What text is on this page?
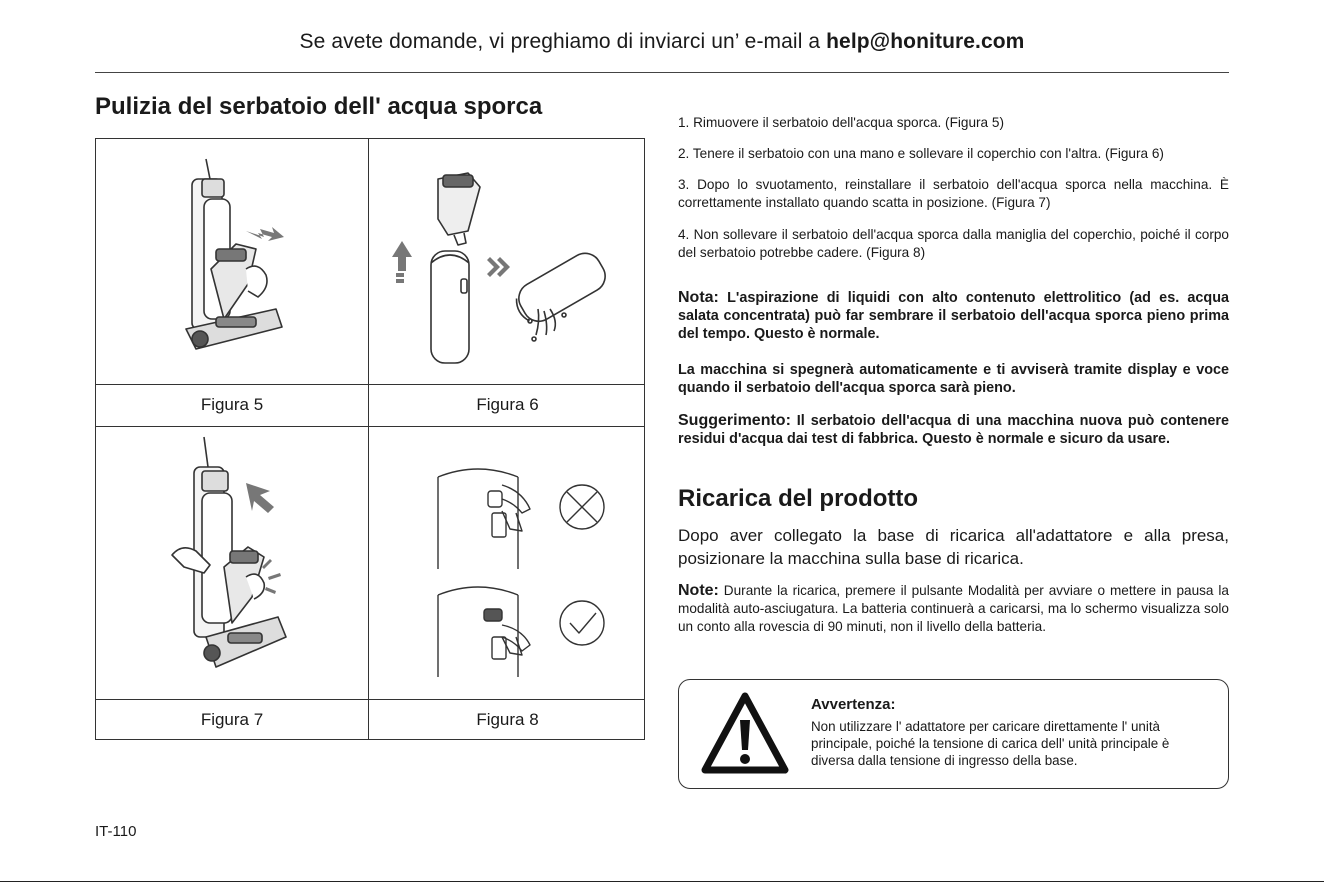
Se avete domande, vi preghiamo di inviarci un’ e-mail a help@honiture.com
Pulizia del serbatoio dell' acqua sporca
Figura 5	Figura 6
Figura 7	Figura 8
1. Rimuovere il serbatoio dell'acqua sporca. (Figura 5)
2. Tenere il serbatoio con una mano e sollevare il coperchio con l'altra. (Figura 6)
3. Dopo lo svuotamento, reinstallare il serbatoio dell'acqua sporca nella macchina. È correttamente installato quando scatta in posizione. (Figura 7)
4. Non sollevare il serbatoio dell'acqua sporca dalla maniglia del coperchio, poiché il corpo del serbatoio potrebbe cadere. (Figura 8)
Nota: L'aspirazione di liquidi con alto contenuto elettrolitico (ad es. acqua salata concentrata) può far sembrare il serbatoio dell'acqua sporca pieno prima del tempo. Questo è normale.
La macchina si spegnerà automaticamente e ti avviserà tramite display e voce quando il serbatoio dell'acqua sporca sarà pieno.
Suggerimento: Il serbatoio dell'acqua di una macchina nuova può contenere residui d'acqua dai test di fabbrica. Questo è normale e sicuro da usare.
Ricarica del prodotto
Dopo aver collegato la base di ricarica all'adattatore e alla presa, posizionare la macchina sulla base di ricarica.
Note: Durante la ricarica, premere il pulsante Modalità per avviare o mettere in pausa la modalità auto-asciugatura. La batteria continuerà a caricarsi, ma lo schermo visualizza solo un conto alla rovescia di 90 minuti, non il livello della batteria.
Avvertenza:
Non utilizzare l' adattatore per caricare direttamente l' unità principale, poiché la tensione di carica dell' unità principale è diversa dalla tensione di ingresso della base.
IT-110
